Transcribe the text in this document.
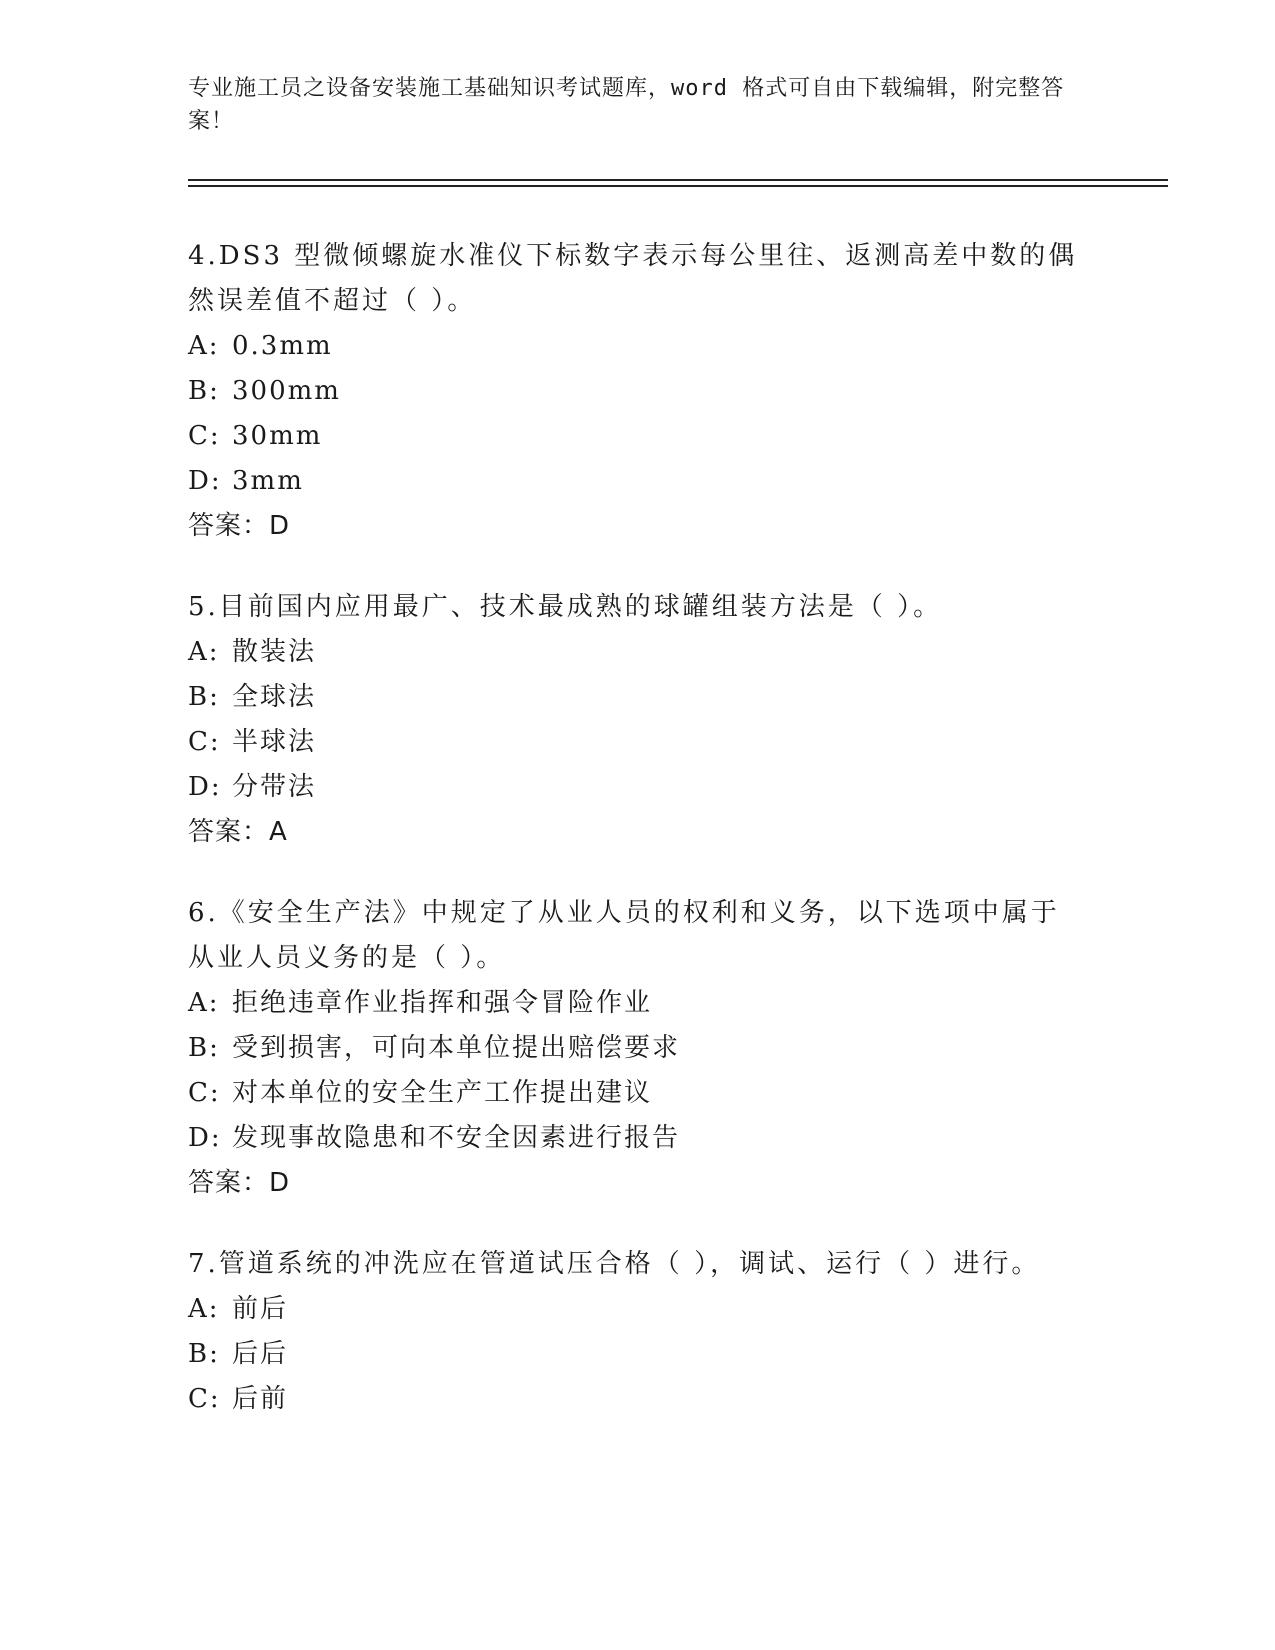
专业施工员之设备安装施工基础知识考试题库，word 格式可自由下载编辑，附完整答案！

4.DS3 型微倾螺旋水准仪下标数字表示每公里往、返测高差中数的偶然误差值不超过（ ）。

A: 0.3mm

B: 300mm

C: 30mm

D: 3mm

答案：D

5.目前国内应用最广、技术最成熟的球罐组装方法是（ ）。

A: 散装法

B: 全球法

C: 半球法

D: 分带法

答案：A

6.《安全生产法》中规定了从业人员的权利和义务，以下选项中属于从业人员义务的是（ ）。

A: 拒绝违章作业指挥和强令冒险作业

B: 受到损害，可向本单位提出赔偿要求

C: 对本单位的安全生产工作提出建议

D: 发现事故隐患和不安全因素进行报告

答案：D

7.管道系统的冲洗应在管道试压合格（ ），调试、运行（ ）进行。

A: 前后

B: 后后

C: 后前
